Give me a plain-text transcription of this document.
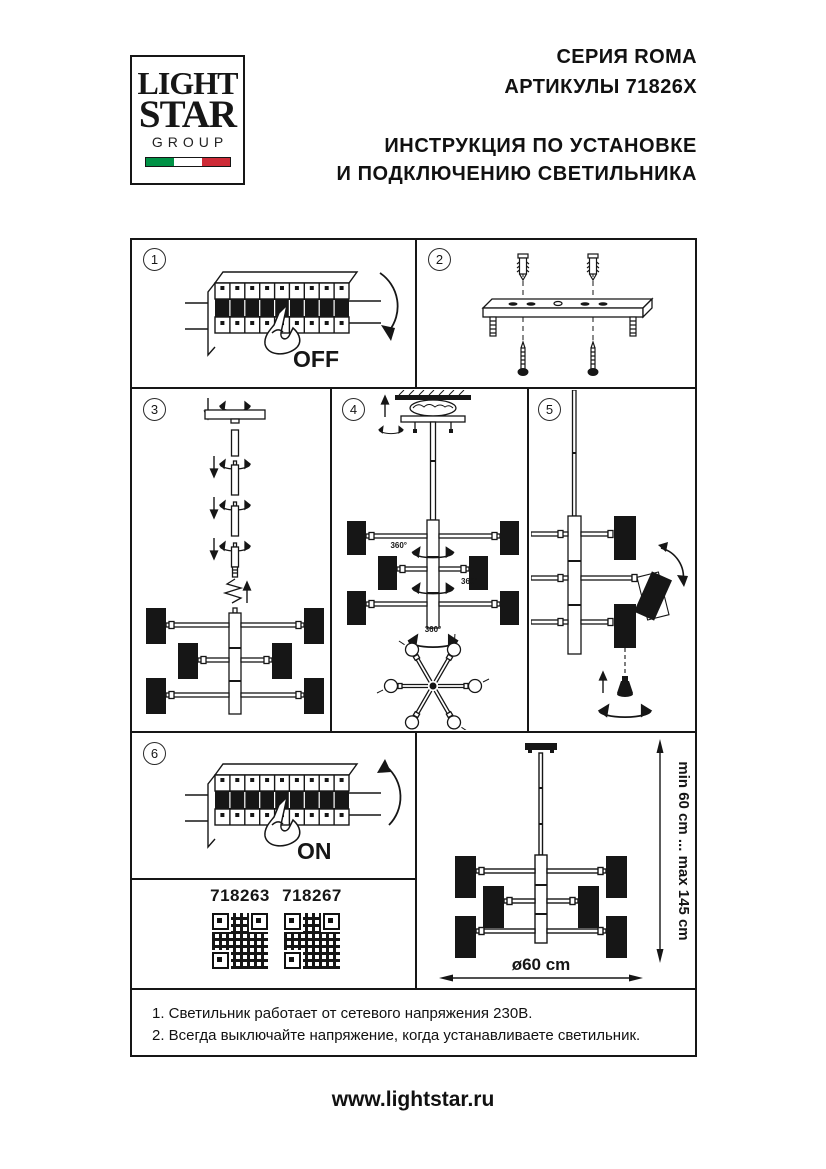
LIGHT
STAR
GROUP
СЕРИЯ ROMA
АРТИКУЛЫ 71826X
ИНСТРУКЦИЯ ПО УСТАНОВКЕ
И ПОДКЛЮЧЕНИЮ СВЕТИЛЬНИКА
1	2
3	4	5
6
OFF
360°
360°
360°
ON
718263 718267
ø60 cm
min 60 cm ... max 145 cm
1. Светильник работает от сетевого напряжения 230В.
2. Всегда выключайте напряжение, когда устанавливаете светильник.
www.lightstar.ru
